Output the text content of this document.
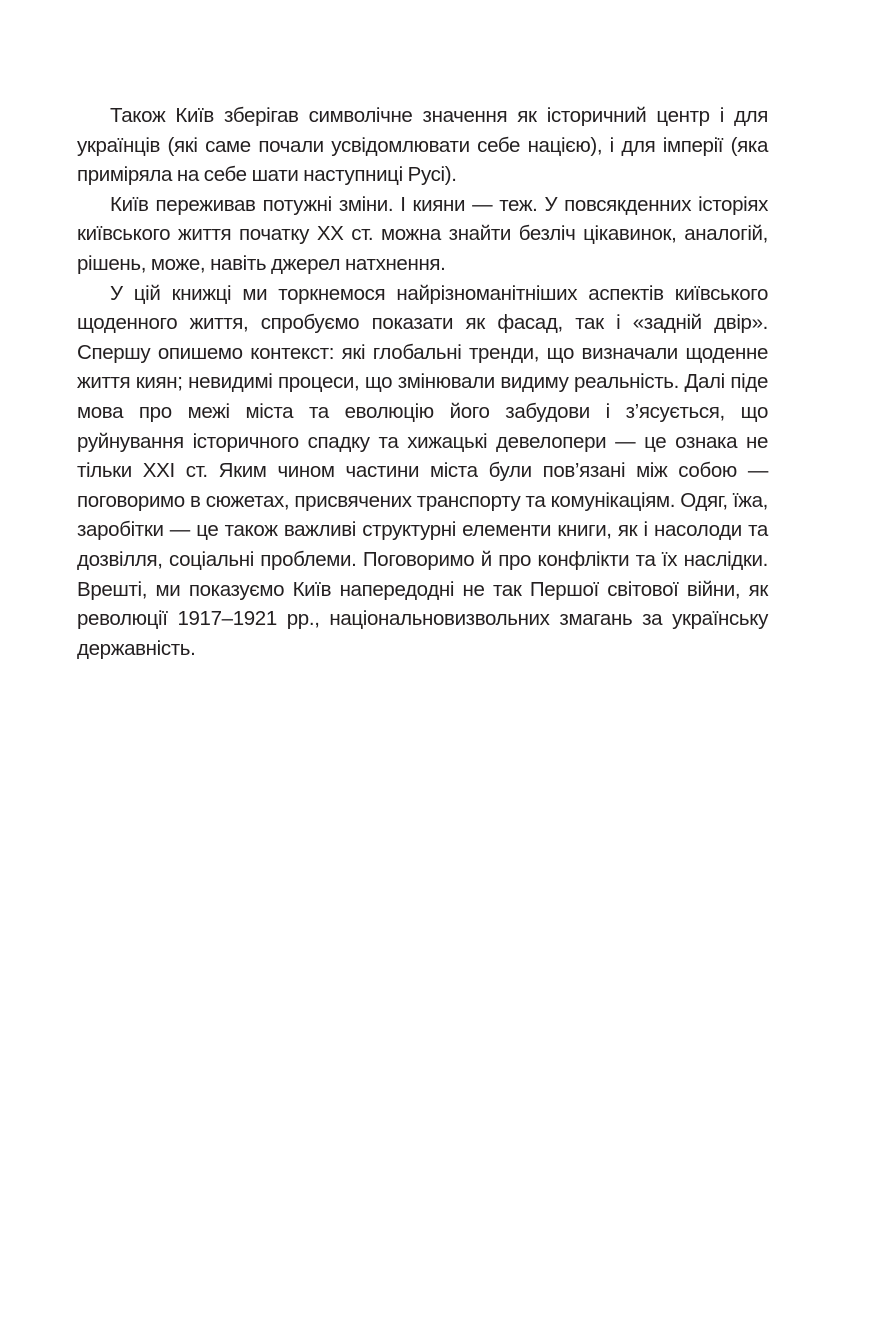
Також Київ зберігав символічне значення як історичний центр і для українців (які саме почали усвідомлювати себе нацією), і для імперії (яка приміряла на себе шати наступниці Русі).

Київ переживав потужні зміни. І кияни — теж. У повсякденних історіях київського життя початку ХХ ст. можна знайти безліч цікавинок, аналогій, рішень, може, навіть джерел натхнення.

У цій книжці ми торкнемося найрізноманітніших аспектів київського щоденного життя, спробуємо показати як фасад, так і «задній двір». Спершу опишемо контекст: які глобальні тренди, що визначали щоденне життя киян; невидимі процеси, що змінювали видиму реальність. Далі піде мова про межі міста та еволюцію його забудови і з’ясується, що руйнування історичного спадку та хижацькі девелопери — це ознака не тільки ХХІ ст. Яким чином частини міста були пов’язані між собою — поговоримо в сюжетах, присвячених транспорту та комунікаціям. Одяг, їжа, заробітки — це також важливі структурні елементи книги, як і насолоди та дозвілля, соціальні проблеми. Поговоримо й про конфлікти та їх наслідки. Врешті, ми показуємо Київ напередодні не так Першої світової війни, як революції 1917–1921 рр., національновизвольних змагань за українську державність.
